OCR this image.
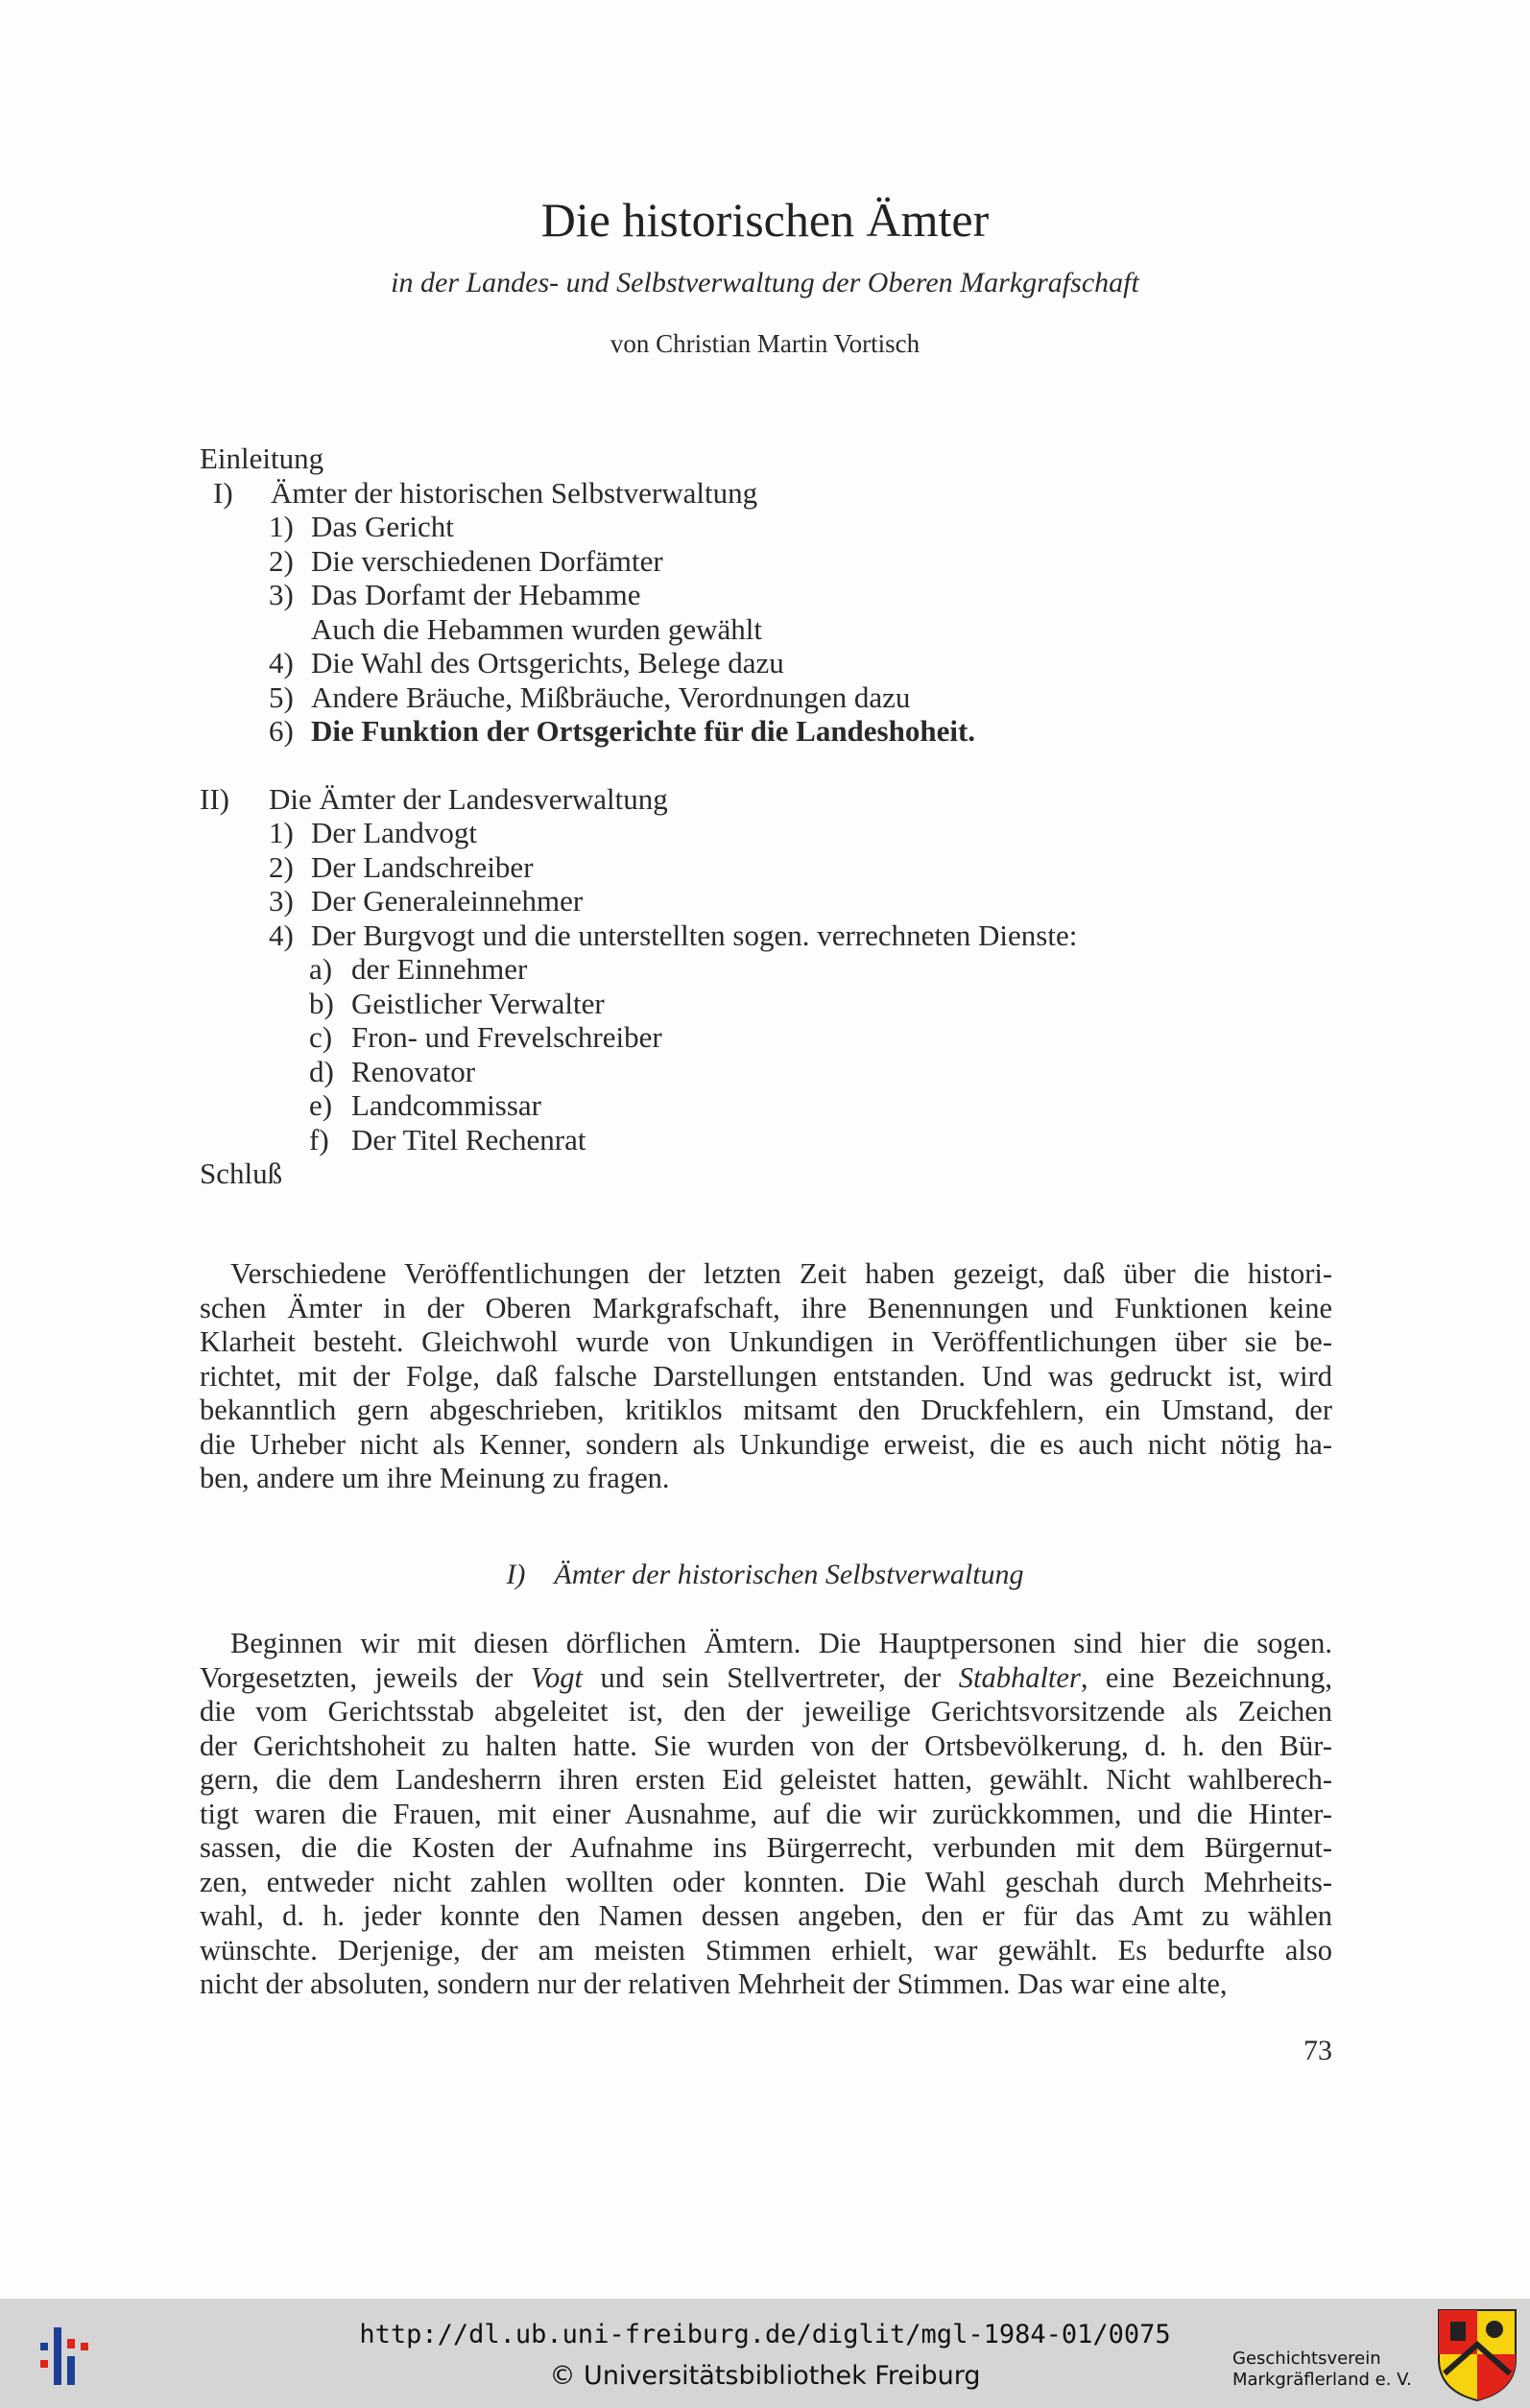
Die historischen Ämter
in der Landes- und Selbstverwaltung der Oberen Markgrafschaft
von Christian Martin Vortisch
Einleitung
I) Ämter der historischen Selbstverwaltung
1) Das Gericht
2) Die verschiedenen Dorfämter
3) Das Dorfamt der Hebamme
Auch die Hebammen wurden gewählt
4) Die Wahl des Ortsgerichts, Belege dazu
5) Andere Bräuche, Mißbräuche, Verordnungen dazu
6) Die Funktion der Ortsgerichte für die Landeshoheit.
II) Die Ämter der Landesverwaltung
1) Der Landvogt
2) Der Landschreiber
3) Der Generaleinnehmer
4) Der Burgvogt und die unterstellten sogen. verrechneten Dienste:
a) der Einnehmer
b) Geistlicher Verwalter
c) Fron- und Frevelschreiber
d) Renovator
e) Landcommissar
f) Der Titel Rechenrat
Schluß
Verschiedene Veröffentlichungen der letzten Zeit haben gezeigt, daß über die histori-
schen Ämter in der Oberen Markgrafschaft, ihre Benennungen und Funktionen keine
Klarheit besteht. Gleichwohl wurde von Unkundigen in Veröffentlichungen über sie be-
richtet, mit der Folge, daß falsche Darstellungen entstanden. Und was gedruckt ist, wird
bekanntlich gern abgeschrieben, kritiklos mitsamt den Druckfehlern, ein Umstand, der
die Urheber nicht als Kenner, sondern als Unkundige erweist, die es auch nicht nötig ha-
ben, andere um ihre Meinung zu fragen.
I) Ämter der historischen Selbstverwaltung
Beginnen wir mit diesen dörflichen Ämtern. Die Hauptpersonen sind hier die sogen.
Vorgesetzten, jeweils der Vogt und sein Stellvertreter, der Stabhalter, eine Bezeichnung,
die vom Gerichtsstab abgeleitet ist, den der jeweilige Gerichtsvorsitzende als Zeichen
der Gerichtshoheit zu halten hatte. Sie wurden von der Ortsbevölkerung, d. h. den Bür-
gern, die dem Landesherrn ihren ersten Eid geleistet hatten, gewählt. Nicht wahlberech-
tigt waren die Frauen, mit einer Ausnahme, auf die wir zurückkommen, und die Hinter-
sassen, die die Kosten der Aufnahme ins Bürgerrecht, verbunden mit dem Bürgernut-
zen, entweder nicht zahlen wollten oder konnten. Die Wahl geschah durch Mehrheits-
wahl, d. h. jeder konnte den Namen dessen angeben, den er für das Amt zu wählen
wünschte. Derjenige, der am meisten Stimmen erhielt, war gewählt. Es bedurfte also
nicht der absoluten, sondern nur der relativen Mehrheit der Stimmen. Das war eine alte,
73
http://dl.ub.uni-freiburg.de/diglit/mgl-1984-01/0075
© Universitätsbibliothek Freiburg
Geschichtsverein
Markgräflerland e. V.
